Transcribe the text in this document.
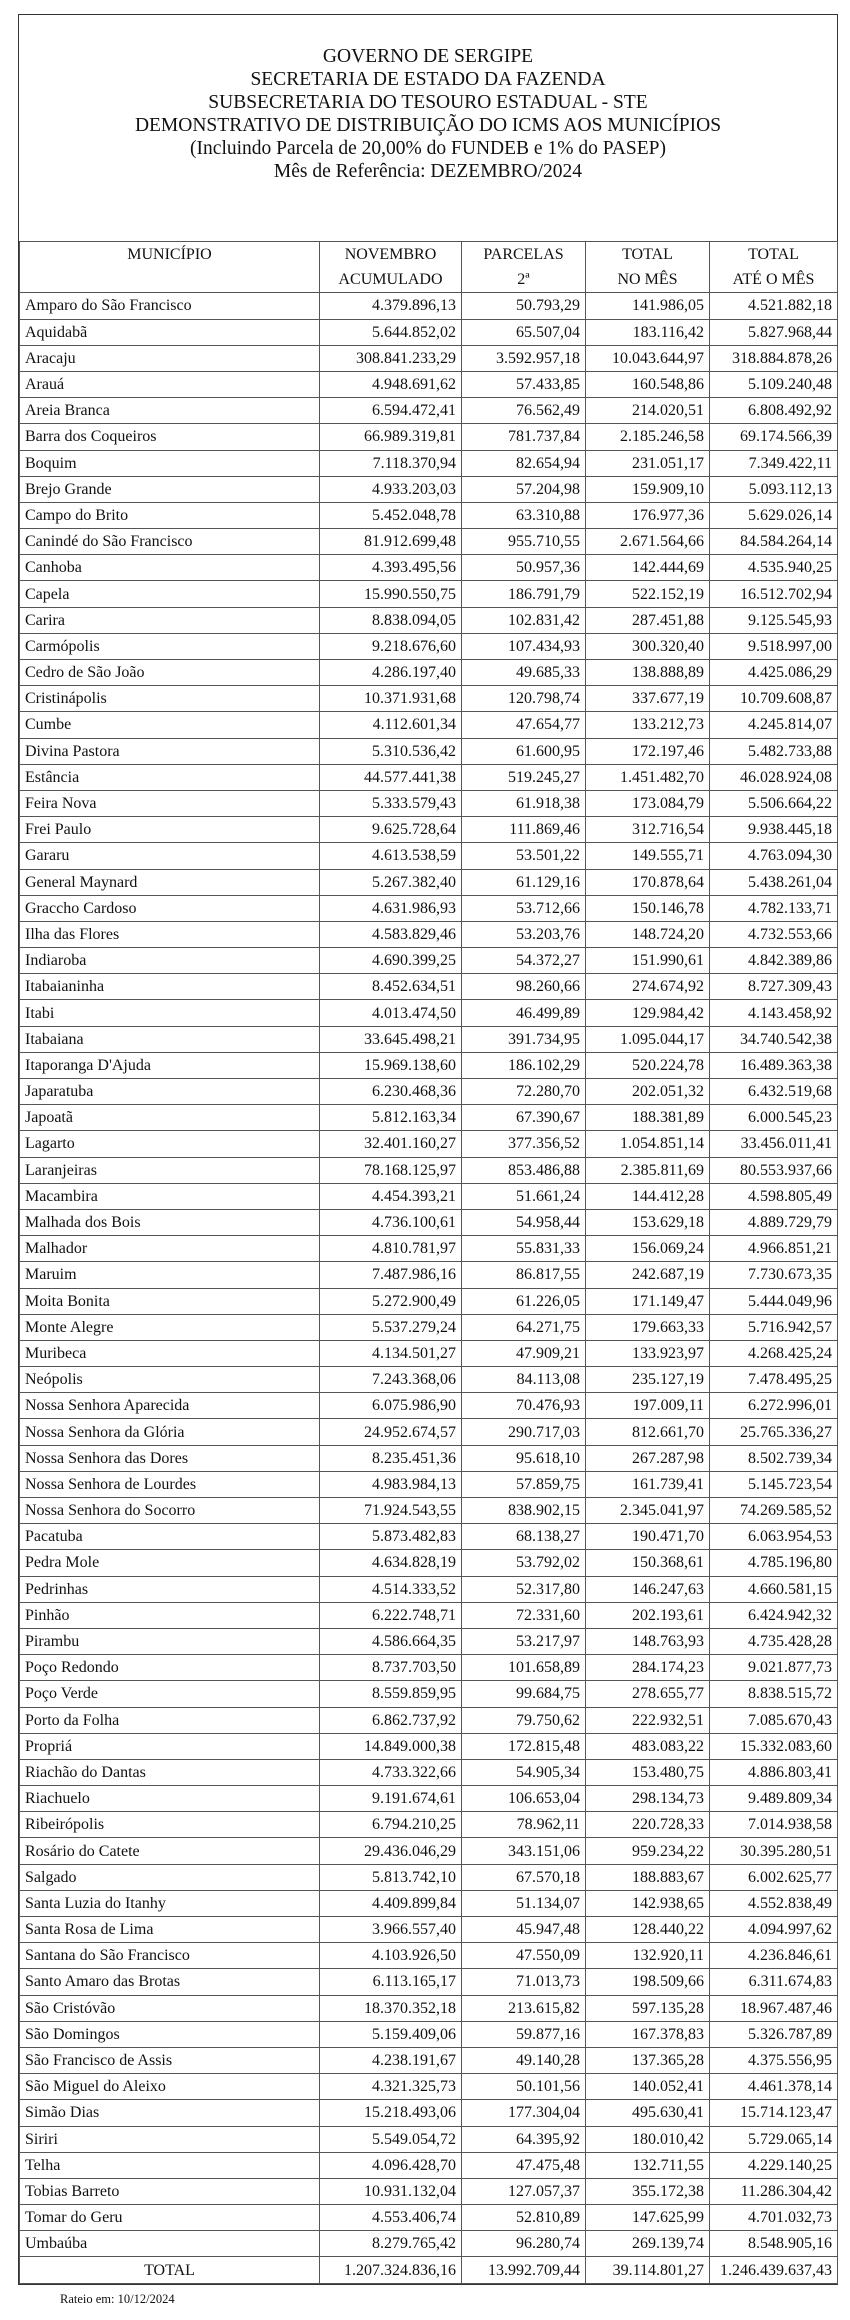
GOVERNO DE SERGIPE
SECRETARIA DE ESTADO DA FAZENDA
SUBSECRETARIA DO TESOURO ESTADUAL - STE
DEMONSTRATIVO DE DISTRIBUIÇÃO DO ICMS AOS MUNICÍPIOS
(Incluindo Parcela de 20,00% do FUNDEB e 1% do PASEP)
Mês de Referência: DEZEMBRO/2024
MUNICÍPIO	NOVEMBRO	PARCELAS	TOTAL	TOTAL
	ACUMULADO	2ª	NO MÊS	ATÉ O MÊS
Amparo do São Francisco	4.379.896,13	50.793,29	141.986,05	4.521.882,18
Aquidabã	5.644.852,02	65.507,04	183.116,42	5.827.968,44
Aracaju	308.841.233,29	3.592.957,18	10.043.644,97	318.884.878,26
Arauá	4.948.691,62	57.433,85	160.548,86	5.109.240,48
Areia Branca	6.594.472,41	76.562,49	214.020,51	6.808.492,92
Barra dos Coqueiros	66.989.319,81	781.737,84	2.185.246,58	69.174.566,39
Boquim	7.118.370,94	82.654,94	231.051,17	7.349.422,11
Brejo Grande	4.933.203,03	57.204,98	159.909,10	5.093.112,13
Campo do Brito	5.452.048,78	63.310,88	176.977,36	5.629.026,14
Canindé do São Francisco	81.912.699,48	955.710,55	2.671.564,66	84.584.264,14
Canhoba	4.393.495,56	50.957,36	142.444,69	4.535.940,25
Capela	15.990.550,75	186.791,79	522.152,19	16.512.702,94
Carira	8.838.094,05	102.831,42	287.451,88	9.125.545,93
Carmópolis	9.218.676,60	107.434,93	300.320,40	9.518.997,00
Cedro de São João	4.286.197,40	49.685,33	138.888,89	4.425.086,29
Cristinápolis	10.371.931,68	120.798,74	337.677,19	10.709.608,87
Cumbe	4.112.601,34	47.654,77	133.212,73	4.245.814,07
Divina Pastora	5.310.536,42	61.600,95	172.197,46	5.482.733,88
Estância	44.577.441,38	519.245,27	1.451.482,70	46.028.924,08
Feira Nova	5.333.579,43	61.918,38	173.084,79	5.506.664,22
Frei Paulo	9.625.728,64	111.869,46	312.716,54	9.938.445,18
Gararu	4.613.538,59	53.501,22	149.555,71	4.763.094,30
General Maynard	5.267.382,40	61.129,16	170.878,64	5.438.261,04
Graccho Cardoso	4.631.986,93	53.712,66	150.146,78	4.782.133,71
Ilha das Flores	4.583.829,46	53.203,76	148.724,20	4.732.553,66
Indiaroba	4.690.399,25	54.372,27	151.990,61	4.842.389,86
Itabaianinha	8.452.634,51	98.260,66	274.674,92	8.727.309,43
Itabi	4.013.474,50	46.499,89	129.984,42	4.143.458,92
Itabaiana	33.645.498,21	391.734,95	1.095.044,17	34.740.542,38
Itaporanga D'Ajuda	15.969.138,60	186.102,29	520.224,78	16.489.363,38
Japaratuba	6.230.468,36	72.280,70	202.051,32	6.432.519,68
Japoatã	5.812.163,34	67.390,67	188.381,89	6.000.545,23
Lagarto	32.401.160,27	377.356,52	1.054.851,14	33.456.011,41
Laranjeiras	78.168.125,97	853.486,88	2.385.811,69	80.553.937,66
Macambira	4.454.393,21	51.661,24	144.412,28	4.598.805,49
Malhada dos Bois	4.736.100,61	54.958,44	153.629,18	4.889.729,79
Malhador	4.810.781,97	55.831,33	156.069,24	4.966.851,21
Maruim	7.487.986,16	86.817,55	242.687,19	7.730.673,35
Moita Bonita	5.272.900,49	61.226,05	171.149,47	5.444.049,96
Monte Alegre	5.537.279,24	64.271,75	179.663,33	5.716.942,57
Muribeca	4.134.501,27	47.909,21	133.923,97	4.268.425,24
Neópolis	7.243.368,06	84.113,08	235.127,19	7.478.495,25
Nossa Senhora Aparecida	6.075.986,90	70.476,93	197.009,11	6.272.996,01
Nossa Senhora da Glória	24.952.674,57	290.717,03	812.661,70	25.765.336,27
Nossa Senhora das Dores	8.235.451,36	95.618,10	267.287,98	8.502.739,34
Nossa Senhora de Lourdes	4.983.984,13	57.859,75	161.739,41	5.145.723,54
Nossa Senhora do Socorro	71.924.543,55	838.902,15	2.345.041,97	74.269.585,52
Pacatuba	5.873.482,83	68.138,27	190.471,70	6.063.954,53
Pedra Mole	4.634.828,19	53.792,02	150.368,61	4.785.196,80
Pedrinhas	4.514.333,52	52.317,80	146.247,63	4.660.581,15
Pinhão	6.222.748,71	72.331,60	202.193,61	6.424.942,32
Pirambu	4.586.664,35	53.217,97	148.763,93	4.735.428,28
Poço Redondo	8.737.703,50	101.658,89	284.174,23	9.021.877,73
Poço Verde	8.559.859,95	99.684,75	278.655,77	8.838.515,72
Porto da Folha	6.862.737,92	79.750,62	222.932,51	7.085.670,43
Propriá	14.849.000,38	172.815,48	483.083,22	15.332.083,60
Riachão do Dantas	4.733.322,66	54.905,34	153.480,75	4.886.803,41
Riachuelo	9.191.674,61	106.653,04	298.134,73	9.489.809,34
Ribeirópolis	6.794.210,25	78.962,11	220.728,33	7.014.938,58
Rosário do Catete	29.436.046,29	343.151,06	959.234,22	30.395.280,51
Salgado	5.813.742,10	67.570,18	188.883,67	6.002.625,77
Santa Luzia do Itanhy	4.409.899,84	51.134,07	142.938,65	4.552.838,49
Santa Rosa de Lima	3.966.557,40	45.947,48	128.440,22	4.094.997,62
Santana do São Francisco	4.103.926,50	47.550,09	132.920,11	4.236.846,61
Santo Amaro das Brotas	6.113.165,17	71.013,73	198.509,66	6.311.674,83
São Cristóvão	18.370.352,18	213.615,82	597.135,28	18.967.487,46
São Domingos	5.159.409,06	59.877,16	167.378,83	5.326.787,89
São Francisco de Assis	4.238.191,67	49.140,28	137.365,28	4.375.556,95
São Miguel do Aleixo	4.321.325,73	50.101,56	140.052,41	4.461.378,14
Simão Dias	15.218.493,06	177.304,04	495.630,41	15.714.123,47
Siriri	5.549.054,72	64.395,92	180.010,42	5.729.065,14
Telha	4.096.428,70	47.475,48	132.711,55	4.229.140,25
Tobias Barreto	10.931.132,04	127.057,37	355.172,38	11.286.304,42
Tomar do Geru	4.553.406,74	52.810,89	147.625,99	4.701.032,73
Umbaúba	8.279.765,42	96.280,74	269.139,74	8.548.905,16
TOTAL	1.207.324.836,16	13.992.709,44	39.114.801,27	1.246.439.637,43
Rateio em: 10/12/2024
